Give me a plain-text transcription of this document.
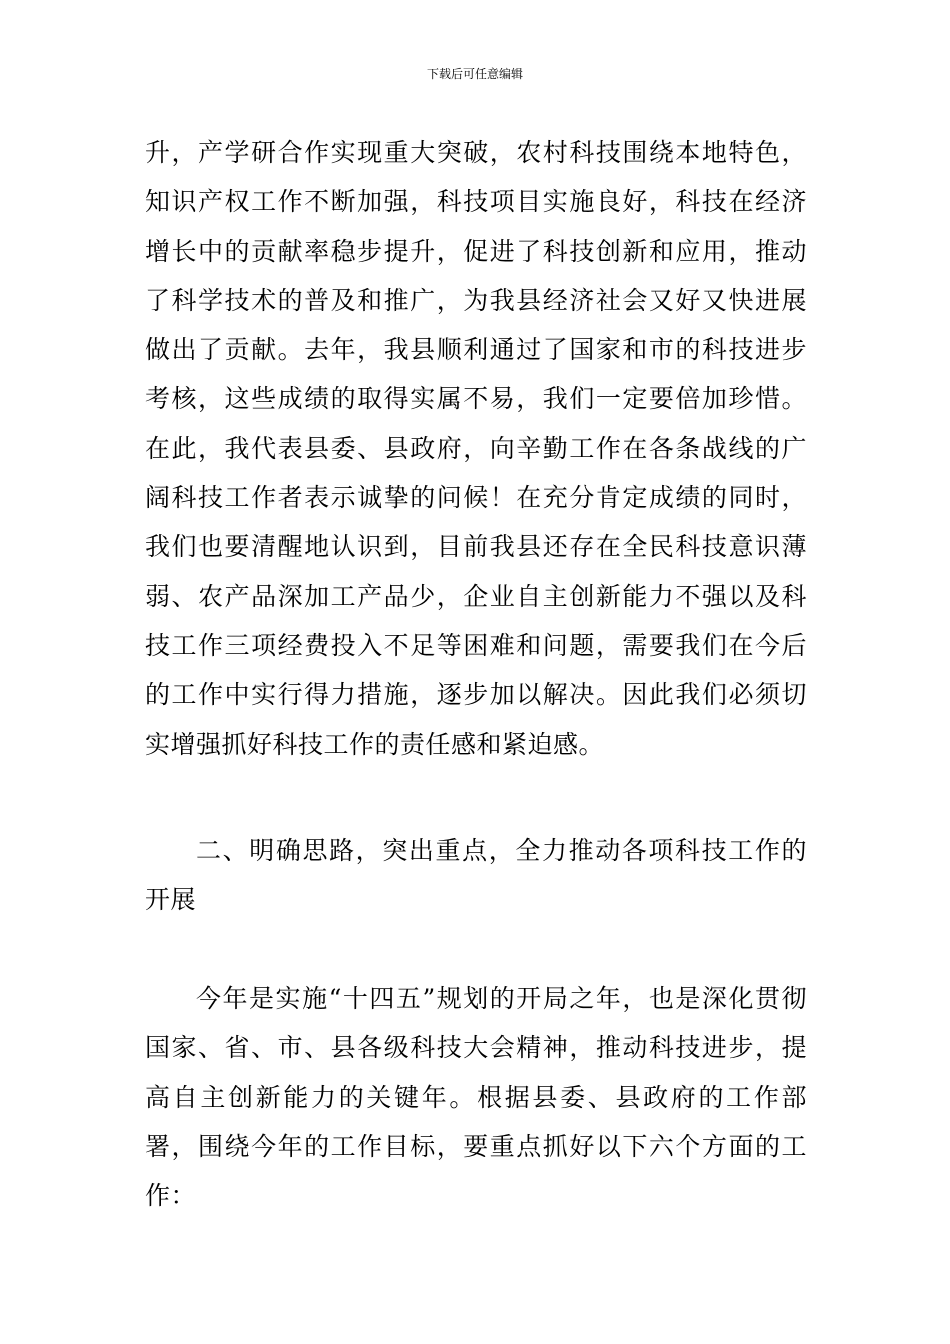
下载后可任意编辑

升，产学研合作实现重大突破，农村科技围绕本地特色，知识产权工作不断加强，科技项目实施良好，科技在经济增长中的贡献率稳步提升，促进了科技创新和应用，推动了科学技术的普及和推广，为我县经济社会又好又快进展做出了贡献。去年，我县顺利通过了国家和市的科技进步考核，这些成绩的取得实属不易，我们一定要倍加珍惜。在此，我代表县委、县政府，向辛勤工作在各条战线的广阔科技工作者表示诚挚的问候！在充分肯定成绩的同时，我们也要清醒地认识到，目前我县还存在全民科技意识薄弱、农产品深加工产品少，企业自主创新能力不强以及科技工作三项经费投入不足等困难和问题，需要我们在今后的工作中实行得力措施，逐步加以解决。因此我们必须切实增强抓好科技工作的责任感和紧迫感。

二、明确思路，突出重点，全力推动各项科技工作的开展

今年是实施“十四五”规划的开局之年，也是深化贯彻国家、省、市、县各级科技大会精神，推动科技进步，提高自主创新能力的关键年。根据县委、县政府的工作部署，围绕今年的工作目标，要重点抓好以下六个方面的工作：
